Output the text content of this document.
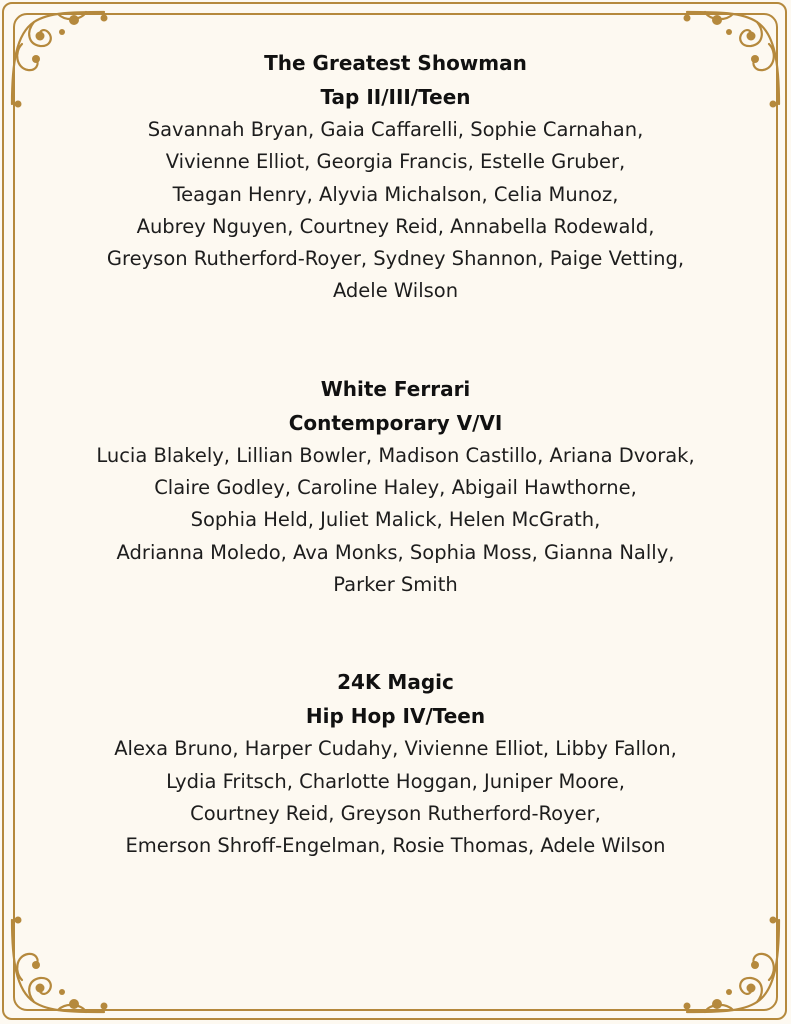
The Greatest Showman
Tap II/III/Teen
Savannah Bryan, Gaia Caffarelli, Sophie Carnahan,
Vivienne Elliot, Georgia Francis, Estelle Gruber,
Teagan Henry, Alyvia Michalson, Celia Munoz,
Aubrey Nguyen, Courtney Reid, Annabella Rodewald,
Greyson Rutherford-Royer, Sydney Shannon, Paige Vetting,
Adele Wilson
White Ferrari
Contemporary V/VI
Lucia Blakely, Lillian Bowler, Madison Castillo, Ariana Dvorak,
Claire Godley, Caroline Haley, Abigail Hawthorne,
Sophia Held, Juliet Malick, Helen McGrath,
Adrianna Moledo, Ava Monks, Sophia Moss, Gianna Nally,
Parker Smith
24K Magic
Hip Hop IV/Teen
Alexa Bruno, Harper Cudahy, Vivienne Elliot, Libby Fallon,
Lydia Fritsch, Charlotte Hoggan, Juniper Moore,
Courtney Reid, Greyson Rutherford-Royer,
Emerson Shroff-Engelman, Rosie Thomas, Adele Wilson
